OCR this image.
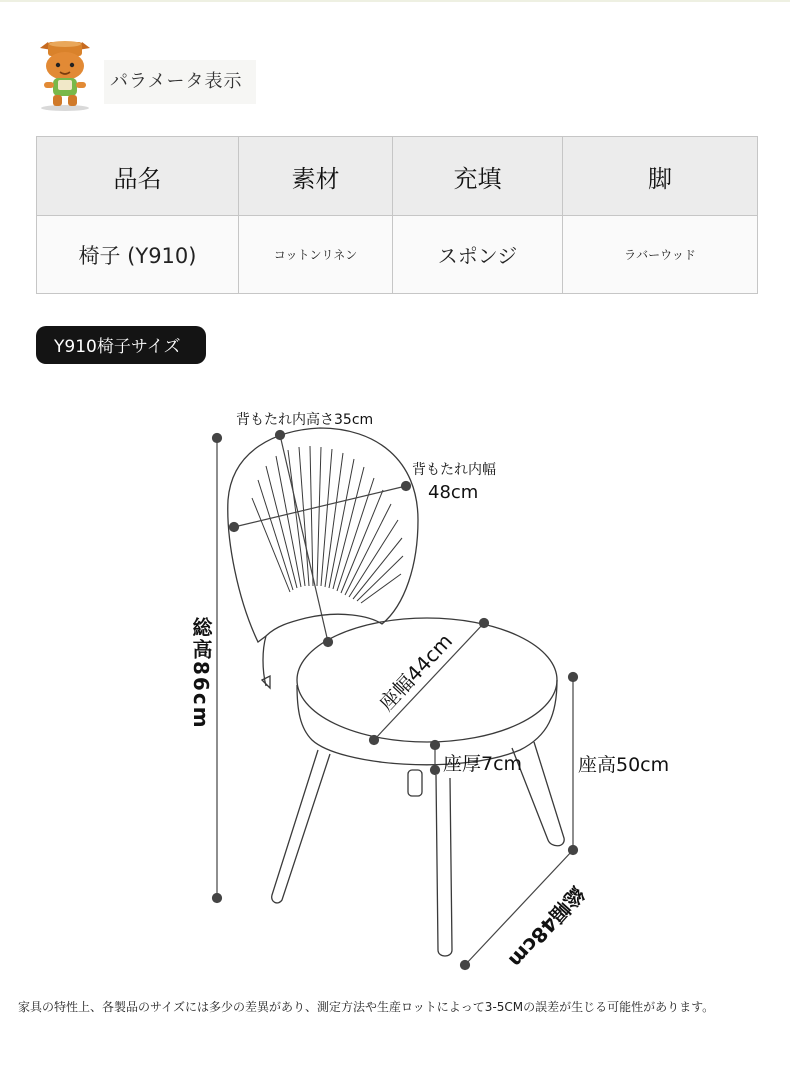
パラメータ表示
品名	素材	充填	脚
椅子 (Y910)	コットンリネン	スポンジ	ラバーウッド
Y910椅子サイズ
背もたれ内高さ35cm
背もたれ内幅
48cm
総高86cm	座幅44cm
座厚7cm	座高50cm
総幅48cm
家具の特性上、各製品のサイズには多少の差異があり、測定方法や生産ロットによって3-5CMの誤差が生じる可能性があります。
